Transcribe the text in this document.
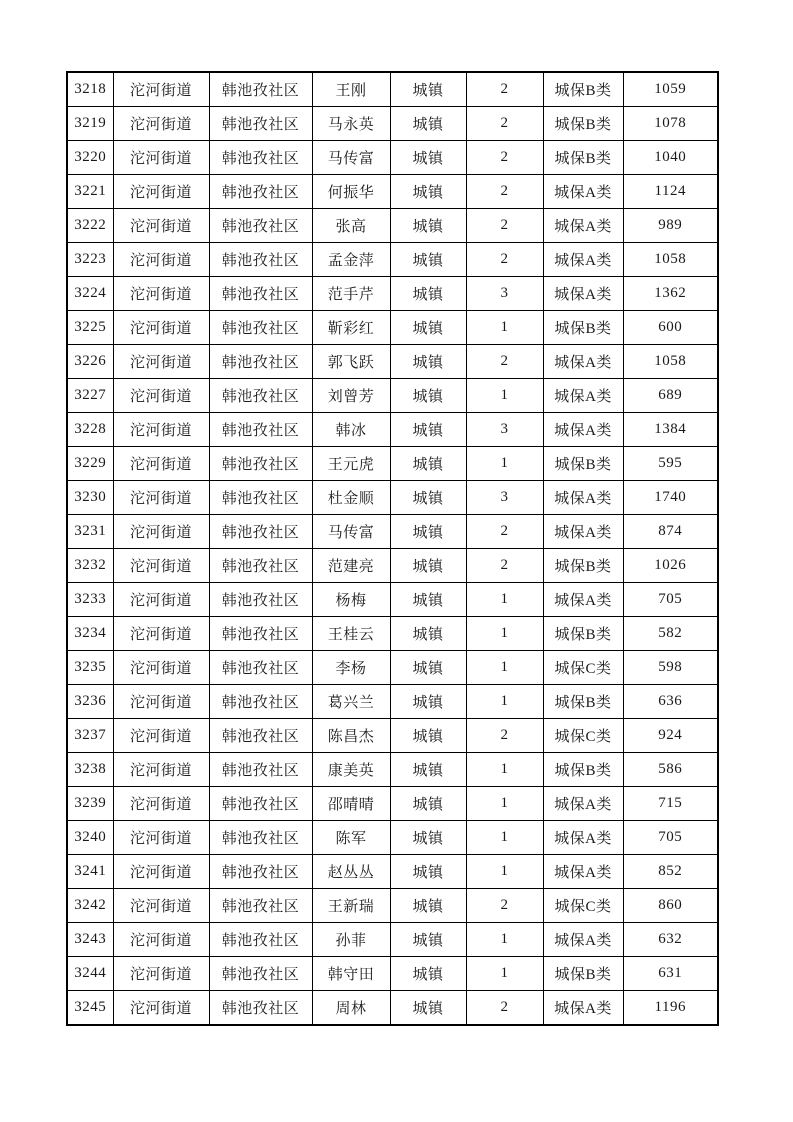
3218	沱河街道	韩池孜社区	王刚	城镇	2	城保B类	1059
3219	沱河街道	韩池孜社区	马永英	城镇	2	城保B类	1078
3220	沱河街道	韩池孜社区	马传富	城镇	2	城保B类	1040
3221	沱河街道	韩池孜社区	何振华	城镇	2	城保A类	1124
3222	沱河街道	韩池孜社区	张高	城镇	2	城保A类	989
3223	沱河街道	韩池孜社区	孟金萍	城镇	2	城保A类	1058
3224	沱河街道	韩池孜社区	范手芹	城镇	3	城保A类	1362
3225	沱河街道	韩池孜社区	靳彩红	城镇	1	城保B类	600
3226	沱河街道	韩池孜社区	郭飞跃	城镇	2	城保A类	1058
3227	沱河街道	韩池孜社区	刘曾芳	城镇	1	城保A类	689
3228	沱河街道	韩池孜社区	韩冰	城镇	3	城保A类	1384
3229	沱河街道	韩池孜社区	王元虎	城镇	1	城保B类	595
3230	沱河街道	韩池孜社区	杜金顺	城镇	3	城保A类	1740
3231	沱河街道	韩池孜社区	马传富	城镇	2	城保A类	874
3232	沱河街道	韩池孜社区	范建亮	城镇	2	城保B类	1026
3233	沱河街道	韩池孜社区	杨梅	城镇	1	城保A类	705
3234	沱河街道	韩池孜社区	王桂云	城镇	1	城保B类	582
3235	沱河街道	韩池孜社区	李杨	城镇	1	城保C类	598
3236	沱河街道	韩池孜社区	葛兴兰	城镇	1	城保B类	636
3237	沱河街道	韩池孜社区	陈昌杰	城镇	2	城保C类	924
3238	沱河街道	韩池孜社区	康美英	城镇	1	城保B类	586
3239	沱河街道	韩池孜社区	邵晴晴	城镇	1	城保A类	715
3240	沱河街道	韩池孜社区	陈军	城镇	1	城保A类	705
3241	沱河街道	韩池孜社区	赵丛丛	城镇	1	城保A类	852
3242	沱河街道	韩池孜社区	王新瑞	城镇	2	城保C类	860
3243	沱河街道	韩池孜社区	孙菲	城镇	1	城保A类	632
3244	沱河街道	韩池孜社区	韩守田	城镇	1	城保B类	631
3245	沱河街道	韩池孜社区	周林	城镇	2	城保A类	1196
